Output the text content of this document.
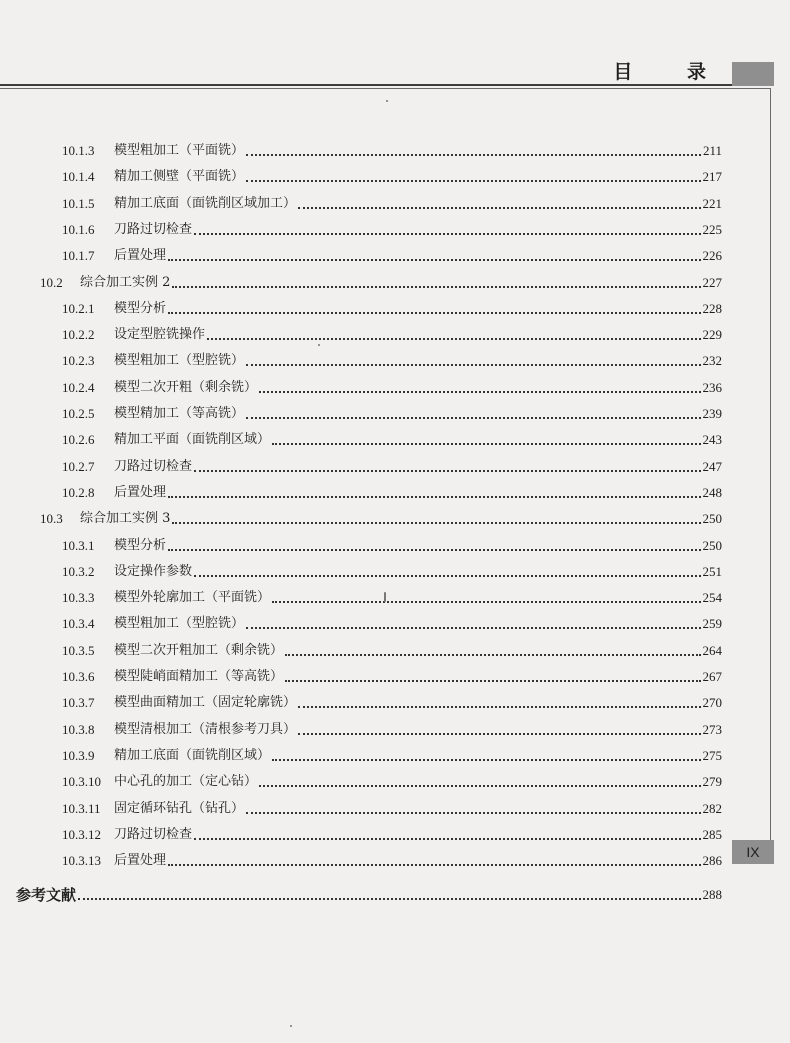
目 录
IX
10.1.3	模型粗加工（平面铣）	211
10.1.4	精加工侧壁（平面铣）	217
10.1.5	精加工底面（面铣削区域加工）	221
10.1.6	刀路过切检查	225
10.1.7	后置处理	226
10.2	综合加工实例 2	227
10.2.1	模型分析	228
10.2.2	设定型腔铣操作	229
10.2.3	模型粗加工（型腔铣）	232
10.2.4	模型二次开粗（剩余铣）	236
10.2.5	模型精加工（等高铣）	239
10.2.6	精加工平面（面铣削区域）	243
10.2.7	刀路过切检查	247
10.2.8	后置处理	248
10.3	综合加工实例 3	250
10.3.1	模型分析	250
10.3.2	设定操作参数	251
10.3.3	模型外轮廓加工（平面铣）	254
10.3.4	模型粗加工（型腔铣）	259
10.3.5	模型二次开粗加工（剩余铣）	264
10.3.6	模型陡峭面精加工（等高铣）	267
10.3.7	模型曲面精加工（固定轮廓铣）	270
10.3.8	模型清根加工（清根参考刀具）	273
10.3.9	精加工底面（面铣削区域）	275
10.3.10	中心孔的加工（定心钻）	279
10.3.11	固定循环钻孔（钻孔）	282
10.3.12	刀路过切检查	285
10.3.13	后置处理	286
参考文献	288
